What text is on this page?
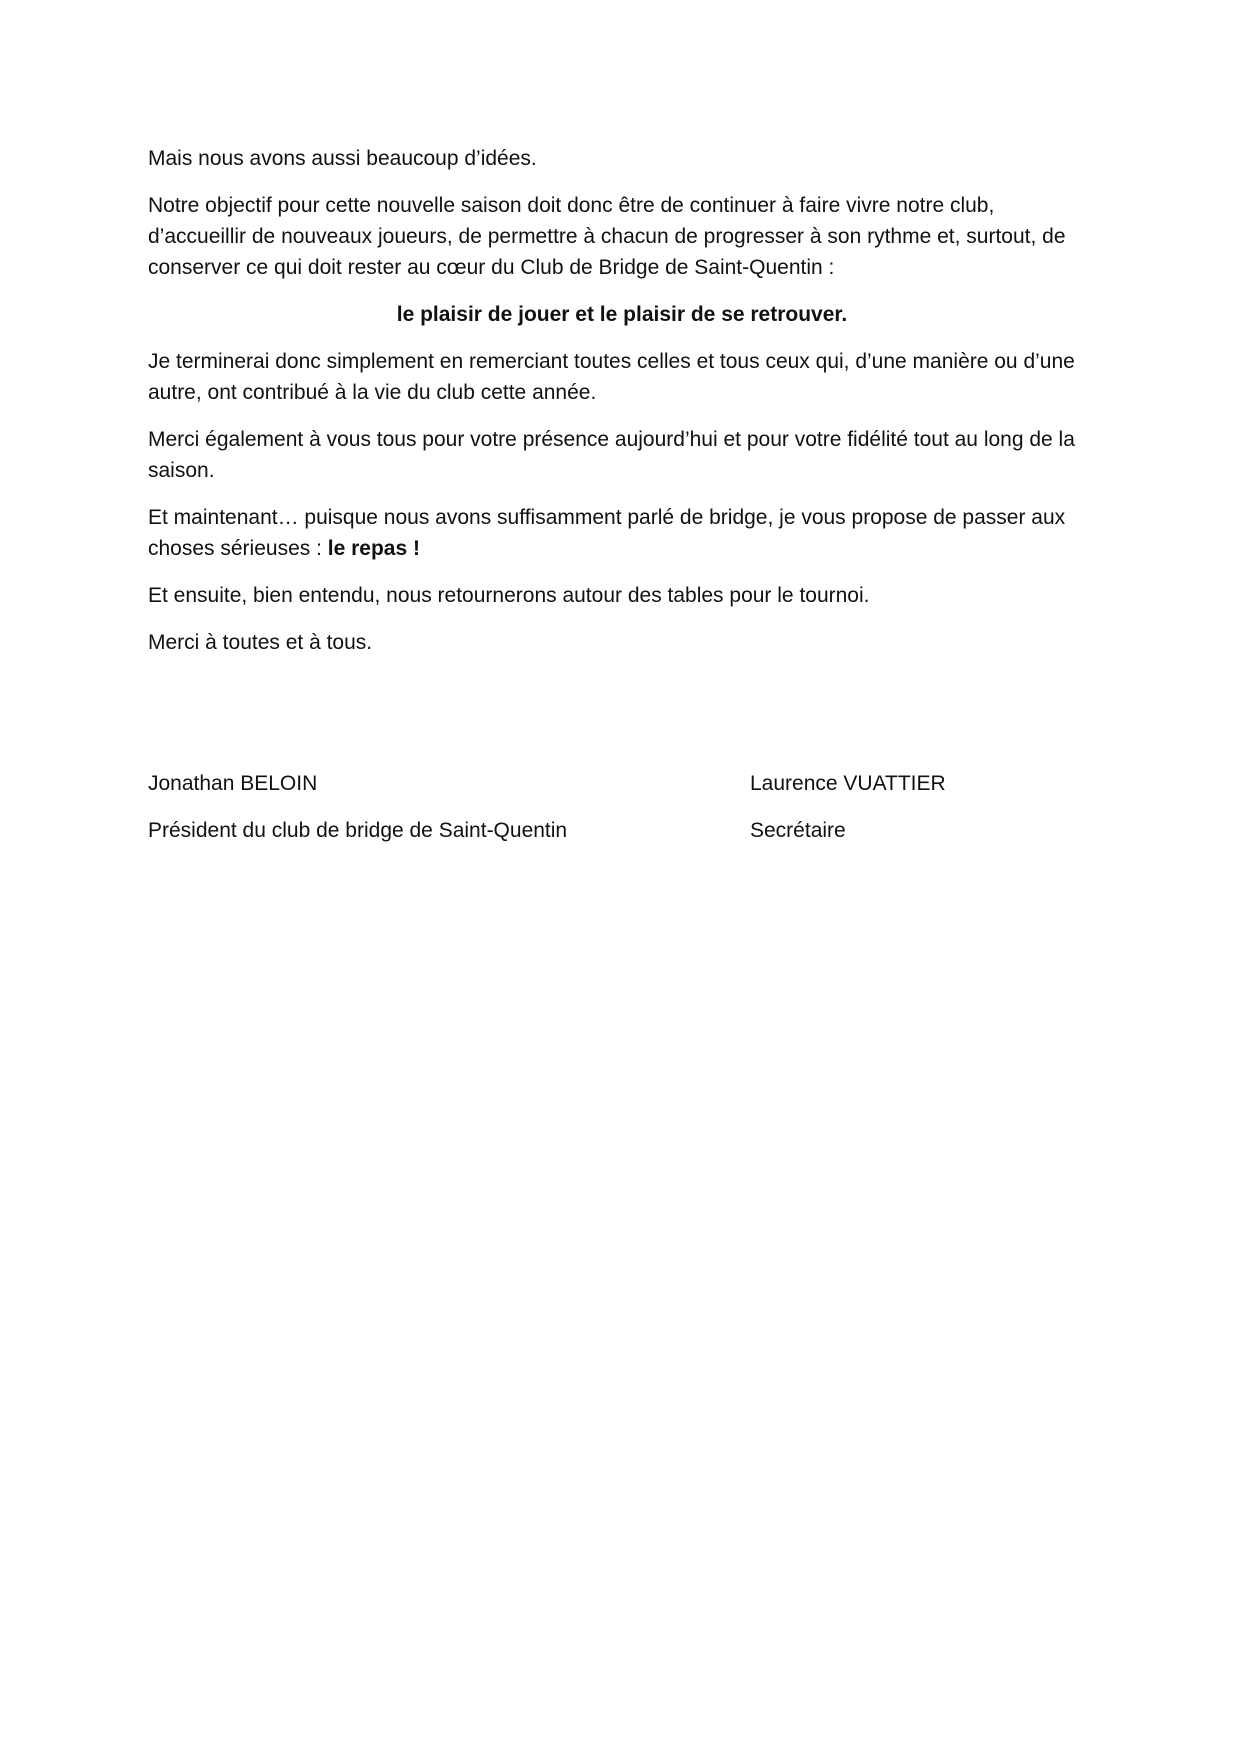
Mais nous avons aussi beaucoup d’idées.

Notre objectif pour cette nouvelle saison doit donc être de continuer à faire vivre notre club, d’accueillir de nouveaux joueurs, de permettre à chacun de progresser à son rythme et, surtout, de conserver ce qui doit rester au cœur du Club de Bridge de Saint-Quentin :

le plaisir de jouer et le plaisir de se retrouver.

Je terminerai donc simplement en remerciant toutes celles et tous ceux qui, d’une manière ou d’une autre, ont contribué à la vie du club cette année.

Merci également à vous tous pour votre présence aujourd’hui et pour votre fidélité tout au long de la saison.

Et maintenant… puisque nous avons suffisamment parlé de bridge, je vous propose de passer aux choses sérieuses : le repas !

Et ensuite, bien entendu, nous retournerons autour des tables pour le tournoi.

Merci à toutes et à tous.

Jonathan BELOIN

Président du club de bridge de Saint-Quentin

Laurence VUATTIER

Secrétaire
